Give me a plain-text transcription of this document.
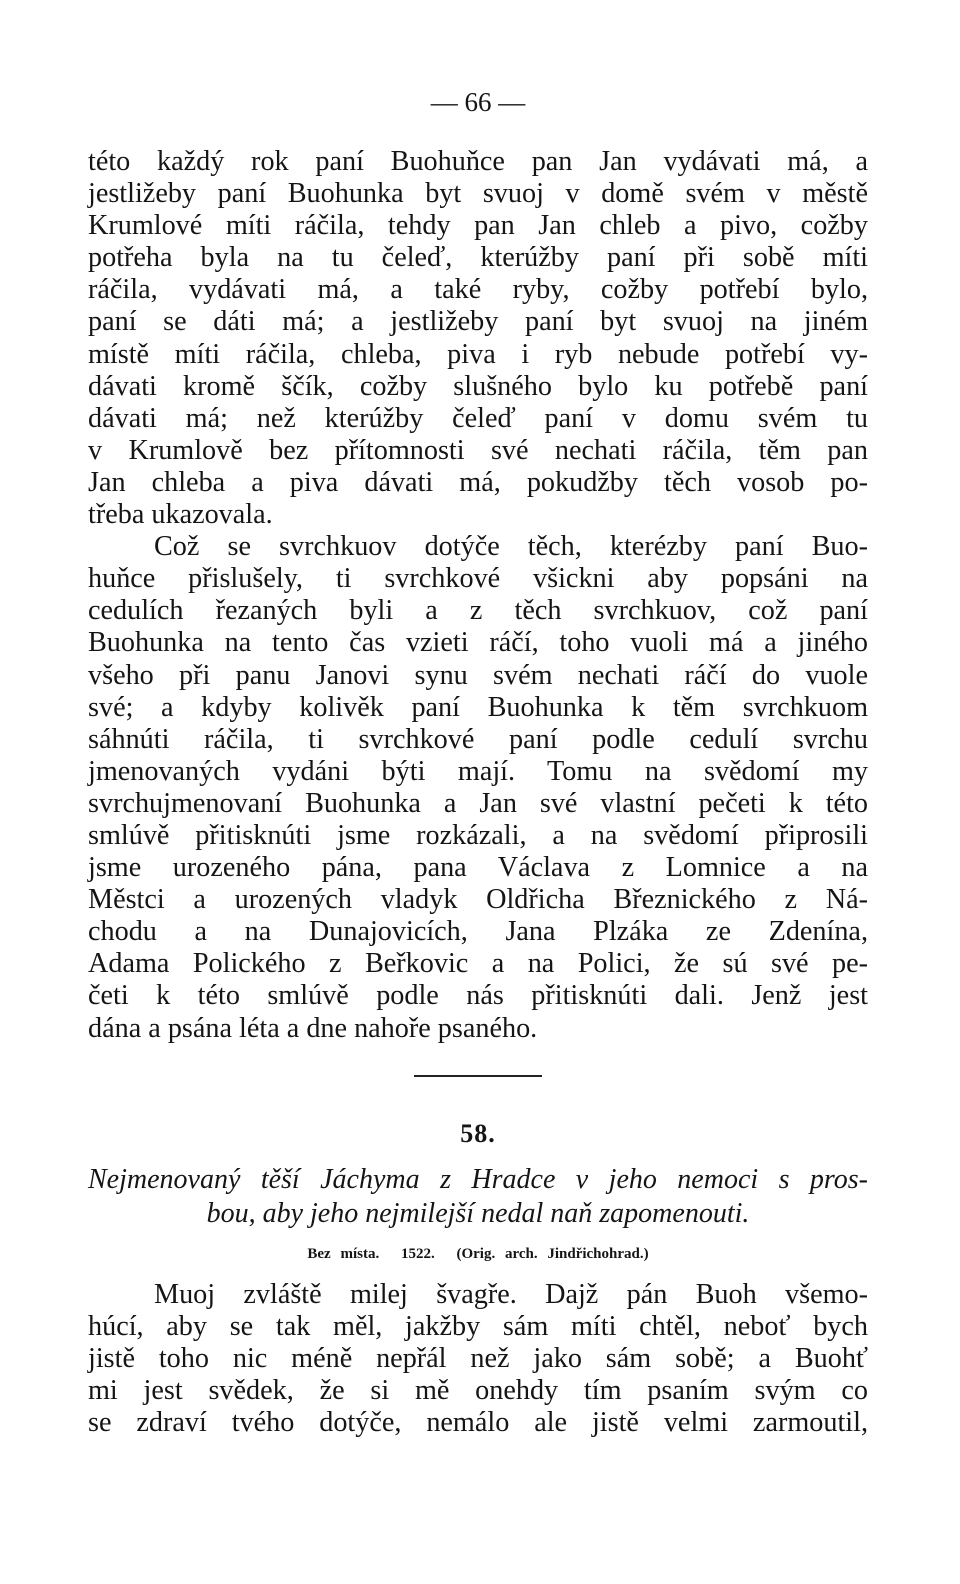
— 66 —

této každý rok paní Buohuňce pan Jan vydávati má, a
jestližeby paní Buohunka byt svuoj v domě svém v městě
Krumlové míti ráčila, tehdy pan Jan chleb a pivo, cožby
potřeha byla na tu čeleď, kterúžby paní při sobě míti
ráčila, vydávati má, a také ryby, cožby potřebí bylo,
paní se dáti má; a jestližeby paní byt svuoj na jiném
místě míti ráčila, chleba, piva i ryb nebude potřebí vy-
dávati kromě ščík, cožby slušného bylo ku potřebě paní
dávati má; než kterúžby čeleď paní v domu svém tu
v Krumlově bez přítomnosti své nechati ráčila, těm pan
Jan chleba a piva dávati má, pokudžby těch vosob po-
třeba ukazovala.

Což se svrchkuov dotýče těch, kterézby paní Buo-
huňce přislušely, ti svrchkové všickni aby popsáni na
cedulích řezaných byli a z těch svrchkuov, což paní
Buohunka na tento čas vzieti ráčí, toho vuoli má a jiného
všeho při panu Janovi synu svém nechati ráčí do vuole
své; a kdyby kolivěk paní Buohunka k těm svrchkuom
sáhnúti ráčila, ti svrchkové paní podle cedulí svrchu
jmenovaných vydáni býti mají. Tomu na svědomí my
svrchujmenovaní Buohunka a Jan své vlastní pečeti k této
smlúvě přitisknúti jsme rozkázali, a na svědomí připrosili
jsme urozeného pána, pana Václava z Lomnice a na
Městci a urozených vladyk Oldřicha Březnického z Ná-
chodu a na Dunajovicích, Jana Plzáka ze Zdenína,
Adama Polického z Beřkovic a na Polici, že sú své pe-
četi k této smlúvě podle nás přitisknúti dali. Jenž jest
dána a psána léta a dne nahoře psaného.

58.
Nejmenovaný těší Jáchyma z Hradce v jeho nemoci s pros-
bou, aby jeho nejmilejší nedal naň zapomenouti.
Bez místa. 1522. (Orig. arch. Jindřichohrad.)

Muoj zvláště milej švagře. Dajž pán Buoh všemo-
húcí, aby se tak měl, jakžby sám míti chtěl, neboť bych
jistě toho nic méně nepřál než jako sám sobě; a Buohť
mi jest svědek, že si mě onehdy tím psaním svým co
se zdraví tvého dotýče, nemálo ale jistě velmi zarmoutil,
